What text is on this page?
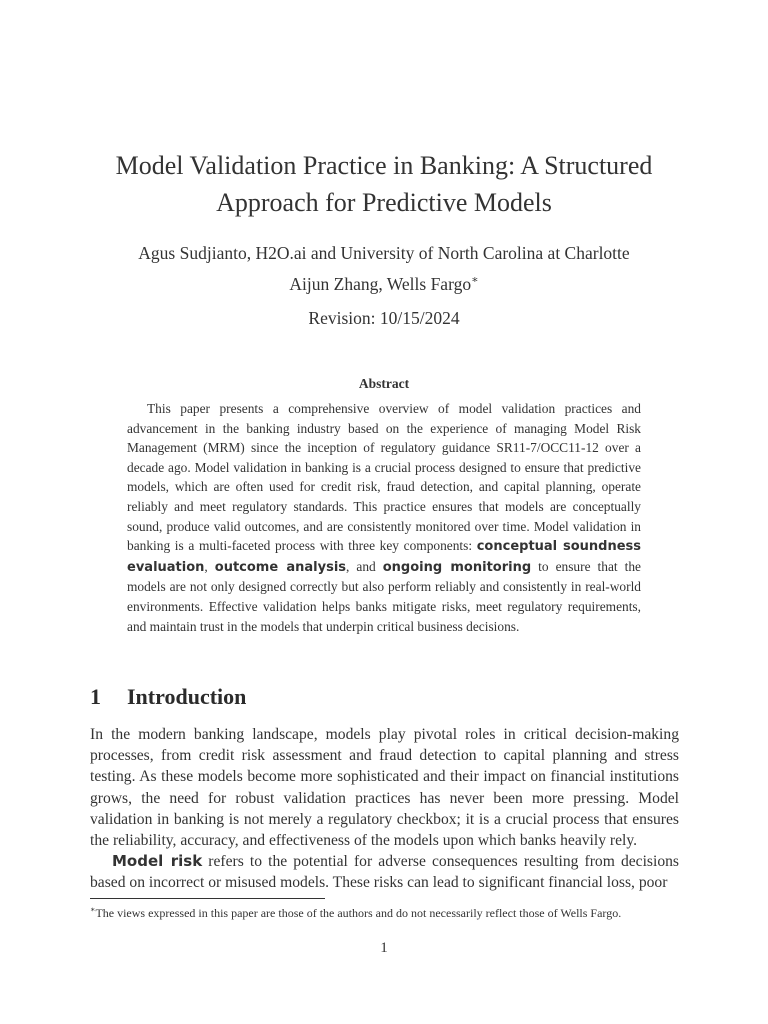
Model Validation Practice in Banking: A Structured
Approach for Predictive Models
Agus Sudjianto, H2O.ai and University of North Carolina at Charlotte
Aijun Zhang, Wells Fargo∗
Revision: 10/15/2024
Abstract

This paper presents a comprehensive overview of model validation practices and advancement in the banking industry based on the experience of managing Model Risk Management (MRM) since the inception of regulatory guidance SR11-7/OCC11-12 over a decade ago. Model validation in banking is a crucial process designed to ensure that predictive models, which are often used for credit risk, fraud detection, and capital planning, operate reliably and meet regulatory standards. This practice ensures that models are conceptually sound, produce valid outcomes, and are consistently monitored over time. Model validation in banking is a multi-faceted process with three key components: conceptual soundness evaluation, outcome analysis, and ongoing monitoring to ensure that the models are not only designed correctly but also perform reliably and consistently in real-world environments. Effective validation helps banks mitigate risks, meet regulatory requirements, and maintain trust in the models that underpin critical business decisions.

1 Introduction

In the modern banking landscape, models play pivotal roles in critical decision-making processes, from credit risk assessment and fraud detection to capital planning and stress testing. As these models become more sophisticated and their impact on financial institutions grows, the need for robust validation practices has never been more pressing. Model validation in banking is not merely a regulatory checkbox; it is a crucial process that ensures the reliability, accuracy, and effectiveness of the models upon which banks heavily rely.

Model risk refers to the potential for adverse consequences resulting from decisions based on incorrect or misused models. These risks can lead to significant financial loss, poor

∗The views expressed in this paper are those of the authors and do not necessarily reflect those of Wells Fargo.

1
